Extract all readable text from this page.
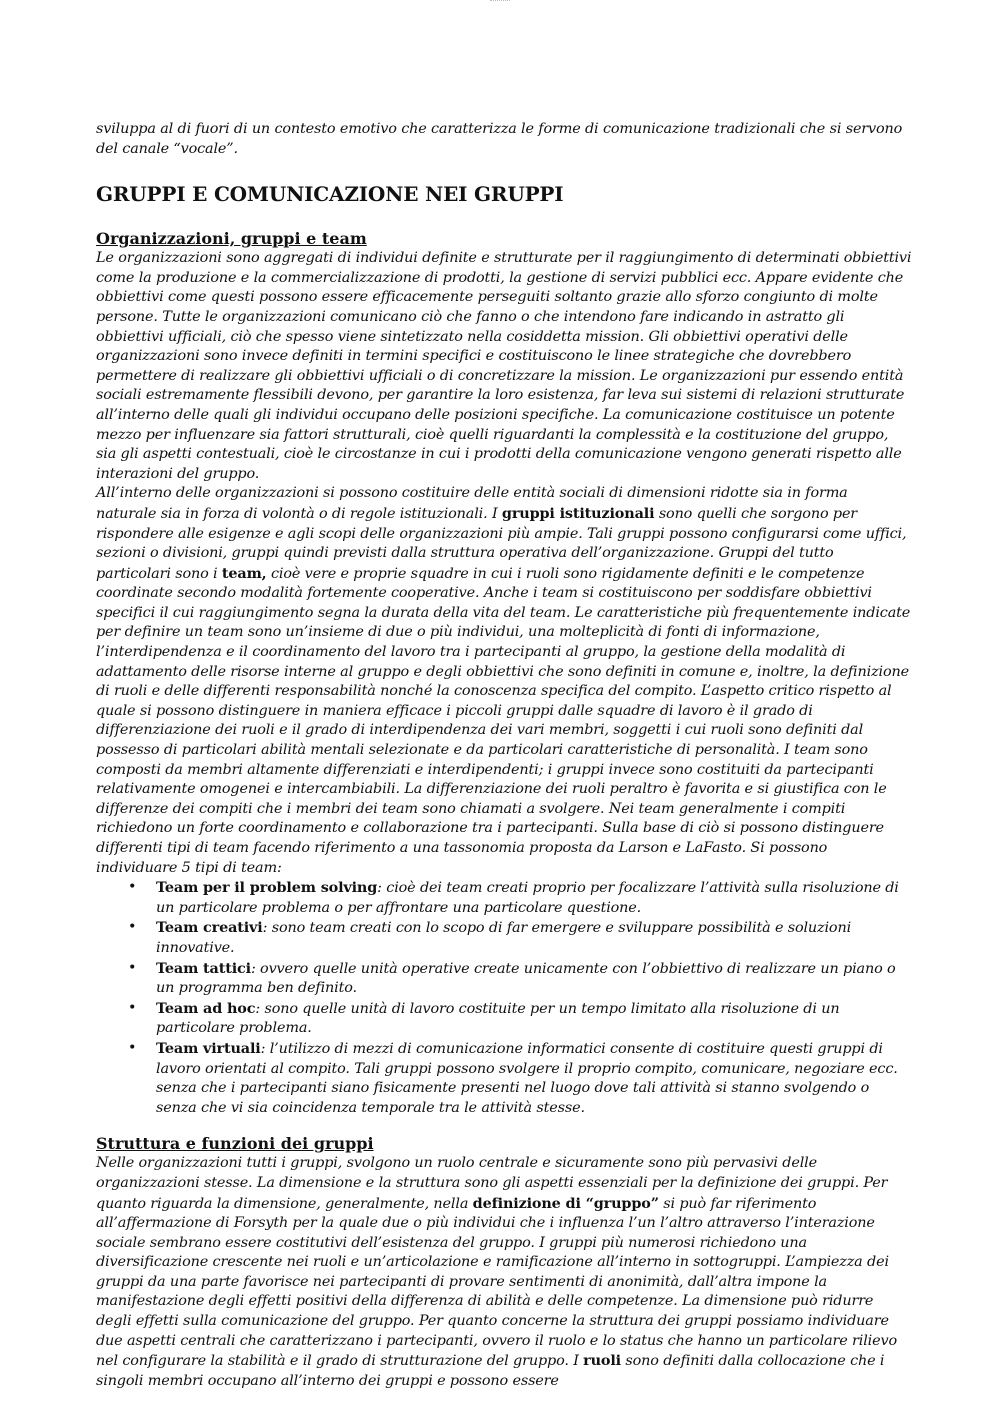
sviluppa al di fuori di un contesto emotivo che caratterizza le forme di comunicazione tradizionali che si servono del canale “vocale”.

GRUPPI E COMUNICAZIONE NEI GRUPPI
Organizzazioni, gruppi e team

Le organizzazioni sono aggregati di individui definite e strutturate per il raggiungimento di determinati obbiettivi come la produzione e la commercializzazione di prodotti, la gestione di servizi pubblici ecc. Appare evidente che obbiettivi come questi possono essere efficacemente perseguiti soltanto grazie allo sforzo congiunto di molte persone. Tutte le organizzazioni comunicano ciò che fanno o che intendono fare indicando in astratto gli obbiettivi ufficiali, ciò che spesso viene sintetizzato nella cosiddetta mission. Gli obbiettivi operativi delle organizzazioni sono invece definiti in termini specifici e costituiscono le linee strategiche che dovrebbero permettere di realizzare gli obbiettivi ufficiali o di concretizzare la mission. Le organizzazioni pur essendo entità sociali estremamente flessibili devono, per garantire la loro esistenza, far leva sui sistemi di relazioni strutturate all’interno delle quali gli individui occupano delle posizioni specifiche. La comunicazione costituisce un potente mezzo per influenzare sia fattori strutturali, cioè quelli riguardanti la complessità e la costituzione del gruppo, sia gli aspetti contestuali, cioè le circostanze in cui i prodotti della comunicazione vengono generati rispetto alle interazioni del gruppo.

All’interno delle organizzazioni si possono costituire delle entità sociali di dimensioni ridotte sia in forma naturale sia in forza di volontà o di regole istituzionali. I gruppi istituzionali sono quelli che sorgono per rispondere alle esigenze e agli scopi delle organizzazioni più ampie. Tali gruppi possono configurarsi come uffici, sezioni o divisioni, gruppi quindi previsti dalla struttura operativa dell’organizzazione. Gruppi del tutto particolari sono i team, cioè vere e proprie squadre in cui i ruoli sono rigidamente definiti e le competenze coordinate secondo modalità fortemente cooperative. Anche i team si costituiscono per soddisfare obbiettivi specifici il cui raggiungimento segna la durata della vita del team. Le caratteristiche più frequentemente indicate per definire un team sono un’insieme di due o più individui, una molteplicità di fonti di informazione, l’interdipendenza e il coordinamento del lavoro tra i partecipanti al gruppo, la gestione della modalità di adattamento delle risorse interne al gruppo e degli obbiettivi che sono definiti in comune e, inoltre, la definizione di ruoli e delle differenti responsabilità nonché la conoscenza specifica del compito. L’aspetto critico rispetto al quale si possono distinguere in maniera efficace i piccoli gruppi dalle squadre di lavoro è il grado di differenziazione dei ruoli e il grado di interdipendenza dei vari membri, soggetti i cui ruoli sono definiti dal possesso di particolari abilità mentali selezionate e da particolari caratteristiche di personalità. I team sono composti da membri altamente differenziati e interdipendenti; i gruppi invece sono costituiti da partecipanti relativamente omogenei e intercambiabili. La differenziazione dei ruoli peraltro è favorita e si giustifica con le differenze dei compiti che i membri dei team sono chiamati a svolgere. Nei team generalmente i compiti richiedono un forte coordinamento e collaborazione tra i partecipanti. Sulla base di ciò si possono distinguere differenti tipi di team facendo riferimento a una tassonomia proposta da Larson e LaFasto. Si possono individuare 5 tipi di team:

• Team per il problem solving: cioè dei team creati proprio per focalizzare l’attività sulla risoluzione di un particolare problema o per affrontare una particolare questione.
• Team creativi: sono team creati con lo scopo di far emergere e sviluppare possibilità e soluzioni innovative.
• Team tattici: ovvero quelle unità operative create unicamente con l’obbiettivo di realizzare un piano o un programma ben definito.
• Team ad hoc: sono quelle unità di lavoro costituite per un tempo limitato alla risoluzione di un particolare problema.
• Team virtuali: l’utilizzo di mezzi di comunicazione informatici consente di costituire questi gruppi di lavoro orientati al compito. Tali gruppi possono svolgere il proprio compito, comunicare, negoziare ecc. senza che i partecipanti siano fisicamente presenti nel luogo dove tali attività si stanno svolgendo o senza che vi sia coincidenza temporale tra le attività stesse.
Struttura e funzioni dei gruppi

Nelle organizzazioni tutti i gruppi, svolgono un ruolo centrale e sicuramente sono più pervasivi delle organizzazioni stesse. La dimensione e la struttura sono gli aspetti essenziali per la definizione dei gruppi. Per quanto riguarda la dimensione, generalmente, nella definizione di “gruppo” si può far riferimento all’affermazione di Forsyth per la quale due o più individui che i influenza l’un l’altro attraverso l’interazione sociale sembrano essere costitutivi dell’esistenza del gruppo. I gruppi più numerosi richiedono una diversificazione crescente nei ruoli e un’articolazione e ramificazione all’interno in sottogruppi. L’ampiezza dei gruppi da una parte favorisce nei partecipanti di provare sentimenti di anonimità, dall’altra impone la manifestazione degli effetti positivi della differenza di abilità e delle competenze. La dimensione può ridurre degli effetti sulla comunicazione del gruppo. Per quanto concerne la struttura dei gruppi possiamo individuare due aspetti centrali che caratterizzano i partecipanti, ovvero il ruolo e lo status che hanno un particolare rilievo nel configurare la stabilità e il grado di strutturazione del gruppo. I ruoli sono definiti dalla collocazione che i singoli membri occupano all’interno dei gruppi e possono essere
